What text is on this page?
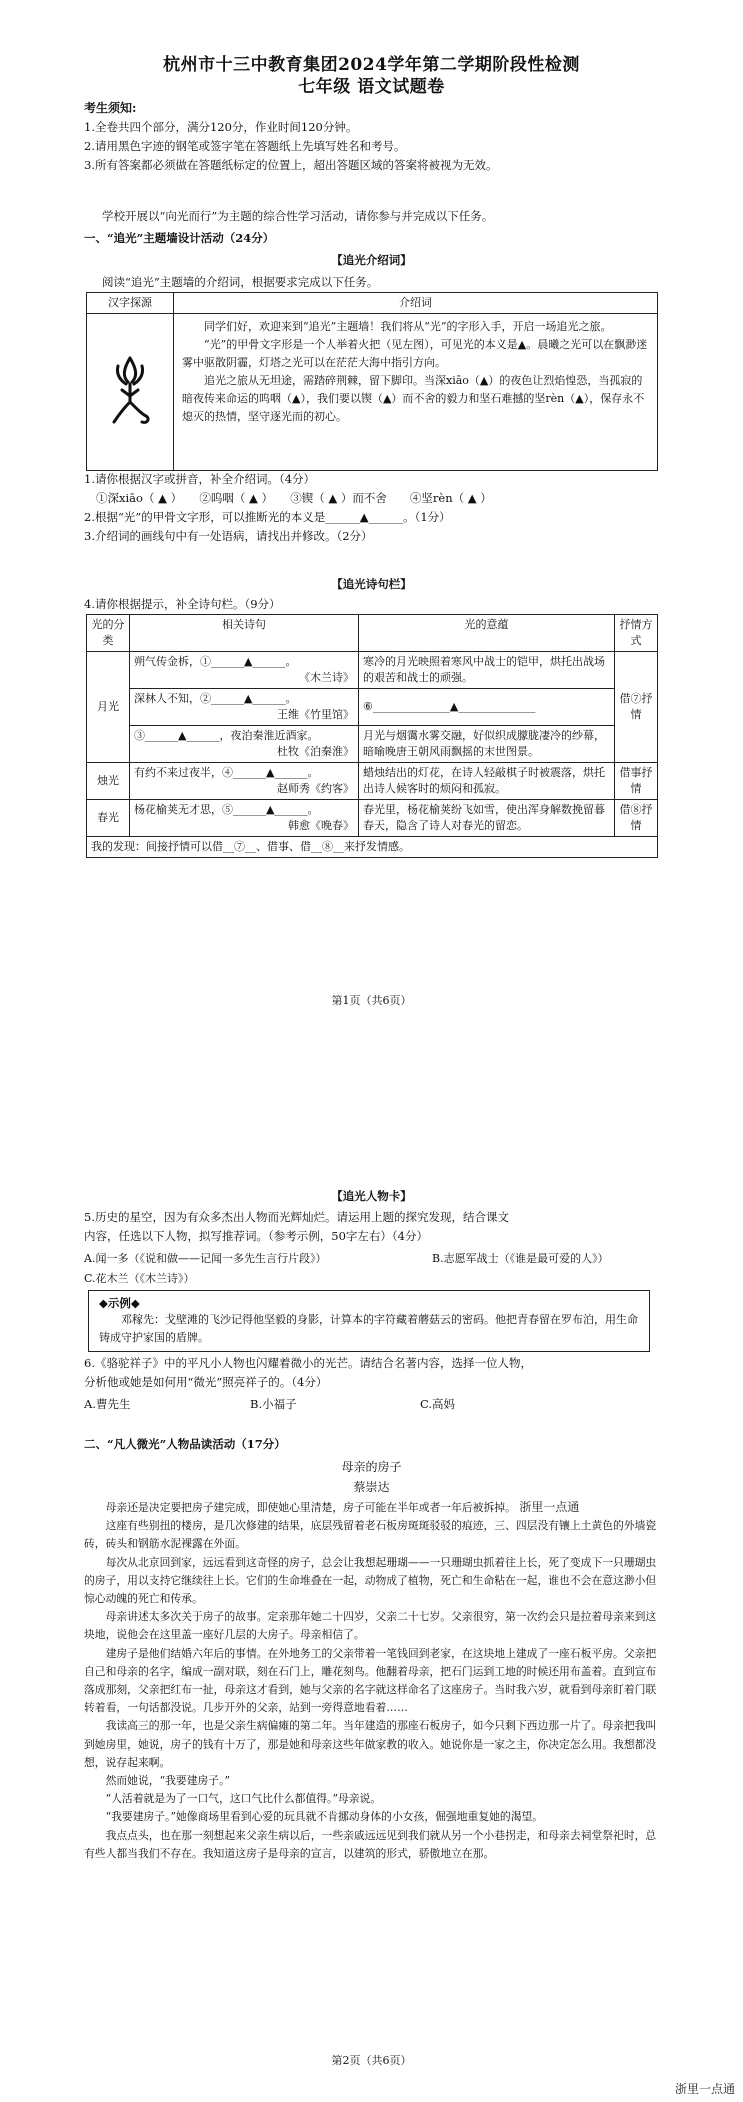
杭州市十三中教育集团2024学年第二学期阶段性检测
七年级 语文试题卷
考生须知:
1.全卷共四个部分，满分120分，作业时间120分钟。
2.请用黑色字迹的钢笔或签字笔在答题纸上先填写姓名和考号。
3.所有答案都必须做在答题纸标定的位置上，超出答题区域的答案将被视为无效。
学校开展以“向光而行”为主题的综合性学习活动，请你参与并完成以下任务。
一、“追光”主题墙设计活动（24分）
【追光介绍词】
阅读“追光”主题墙的介绍词，根据要求完成以下任务。
汉字探源	介绍词

同学们好，欢迎来到“追光”主题墙！我们将从“光”的字形入手，开启一场追光之旅。
“光”的甲骨文字形是一个人举着火把（见左图），可见光的本义是▲。晨曦之光可以在飘渺迷雾中驱散阴霾，灯塔之光可以在茫茫大海中指引方向。
追光之旅从无坦途，需踏碎荆棘，留下脚印。当深xiāo（▲）的夜色让烈焰惶恐，当孤寂的暗夜传来命运的呜咽（▲），我们要以锲（▲）而不舍的毅力和坚石难撼的坚rèn（▲），保存永不熄灭的热情，坚守逐光而的初心。
1.请你根据汉字或拼音，补全介绍词。（4分）
①深xiāo（ ▲ ）　　②呜咽（ ▲ ）　　③锲（ ▲ ）而不舍　　④坚rèn（ ▲ ）
2.根据“光”的甲骨文字形，可以推断光的本义是______▲______。（1分）
3.介绍词的画线句中有一处语病，请找出并修改。（2分）
【追光诗句栏】
4.请你根据提示，补全诗句栏。（9分）
光的分类	相关诗句	光的意蕴	抒情方式
月光	朔气传金柝，①______▲______。
《木兰诗》	寒冷的月光映照着寒风中战士的铠甲，烘托出战场的艰苦和战士的顽强。	借⑦抒情

	深林人不知，②______▲______。
王维《竹里馆》	⑥______________▲______________	

	③______▲______，夜泊秦淮近酒家。
杜牧《泊秦淮》	月光与烟霭水雾交融，好似织成朦胧凄冷的纱幕，暗喻晚唐王朝风雨飘摇的末世图景。	
烛光	有约不来过夜半，④______▲______。
赵师秀《约客》	蜡烛结出的灯花，在诗人轻敲棋子时被震落，烘托出诗人候客时的烦闷和孤寂。	借事抒情
春光	杨花榆荚无才思，⑤______▲______。
韩愈《晚春》	春光里，杨花榆荚纷飞如雪，使出浑身解数挽留暮春天，隐含了诗人对春光的留恋。	借⑧抒情
我的发现：间接抒情可以借__⑦__、借事、借__⑧__来抒发情感。			
第1页（共6页）
【追光人物卡】
5.历史的星空，因为有众多杰出人物而光辉灿烂。请运用上题的探究发现，结合课文
内容，任选以下人物，拟写推荐词。（参考示例，50字左右）（4分）
A.闻一多（《说和做——记闻一多先生言行片段》）	B.志愿军战士（《谁是最可爱的人》）
C.花木兰（《木兰诗》）
◆示例◆
邓稼先：戈壁滩的飞沙记得他坚毅的身影，计算本的字符藏着蘑菇云的密码。他把青春留在罗布泊，用生命铸成守护家国的盾牌。
6.《骆驼祥子》中的平凡小人物也闪耀着微小的光芒。请结合名著内容，选择一位人物，
分析他或她是如何用“微光”照亮祥子的。（4分）
A.曹先生	B.小福子	C.高妈
二、“凡人微光”人物品读活动（17分）
母亲的房子
蔡崇达
母亲还是决定要把房子建完成，即使她心里清楚，房子可能在半年或者一年后被拆掉。 浙里一点通
这座有些别扭的楼房，是几次修建的结果，底层残留着老石板房斑斑驳驳的痕迹，三、四层没有镶上土黄色的外墙瓷砖，砖头和钢筋水泥裸露在外面。
每次从北京回到家，远远看到这奇怪的房子，总会让我想起珊瑚——一只珊瑚虫抓着往上长，死了变成下一只珊瑚虫的房子，用以支持它继续往上长。它们的生命堆叠在一起，动物成了植物，死亡和生命粘在一起，谁也不会在意这渺小但惊心动魄的死亡和传承。
母亲讲述太多次关于房子的故事。定亲那年她二十四岁，父亲二十七岁。父亲很穷，第一次约会只是拉着母亲来到这块地，说他会在这里盖一座好几层的大房子。母亲相信了。
建房子是他们结婚六年后的事情。在外地务工的父亲带着一笔钱回到老家，在这块地上建成了一座石板平房。父亲把自己和母亲的名字，编成一副对联，刻在石门上，雕花刻鸟。他翻着母亲，把石门运到工地的时候还用布盖着。直到宣布落成那刻，父亲把红布一扯，母亲这才看到，她与父亲的名字就这样命名了这座房子。当时我六岁，就看到母亲盯着门联转着看，一句话都没说。几步开外的父亲，站到一旁得意地看着……
我读高三的那一年，也是父亲生病偏瘫的第二年。当年建造的那座石板房子，如今只剩下西边那一片了。母亲把我叫到她房里，她说，房子的钱有十万了，那是她和母亲这些年做家教的收入。她说你是一家之主，你决定怎么用。我想都没想，说存起来啊。
然而她说，“我要建房子。”
“人活着就是为了一口气，这口气比什么都值得。”母亲说。
“我要建房子。”她像商场里看到心爱的玩具就不肯挪动身体的小女孩，倔强地重复她的渴望。
我点点头，也在那一刻想起来父亲生病以后，一些亲戚远远见到我们就从另一个小巷拐走，和母亲去祠堂祭祀时，总有些人都当我们不存在。我知道这房子是母亲的宣言，以建筑的形式，骄傲地立在那。
第2页（共6页）
浙里一点通
